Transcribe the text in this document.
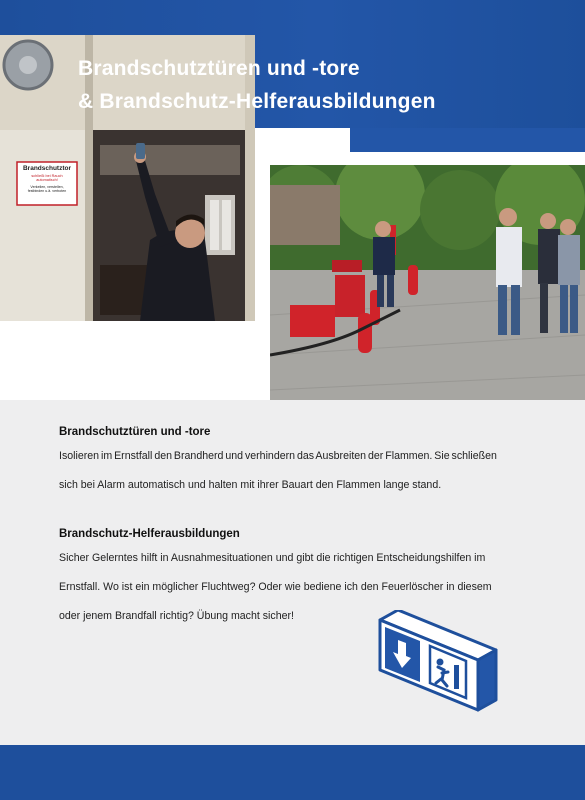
Brandschutztor
schließt bei Rauch
automatisch!
Verkeilen, verstellen,
festbinden u.ä. verboten
Brandschutztüren und -tore
& Brandschutz-Helferausbildungen
Brandschutztüren und -tore

Isolieren im Ernstfall den Brandherd und verhindern das Ausbreiten der Flammen. Sie schließen

sich bei Alarm automatisch und halten mit ihrer Bauart den Flammen lange stand.

Brandschutz-Helferausbildungen

Sicher Gelerntes hilft in Ausnahmesituationen und gibt die richtigen Entscheidungshilfen im

Ernstfall. Wo ist ein möglicher Fluchtweg? Oder wie bediene ich den Feuerlöscher in diesem

oder jenem Brandfall richtig? Übung macht sicher!
